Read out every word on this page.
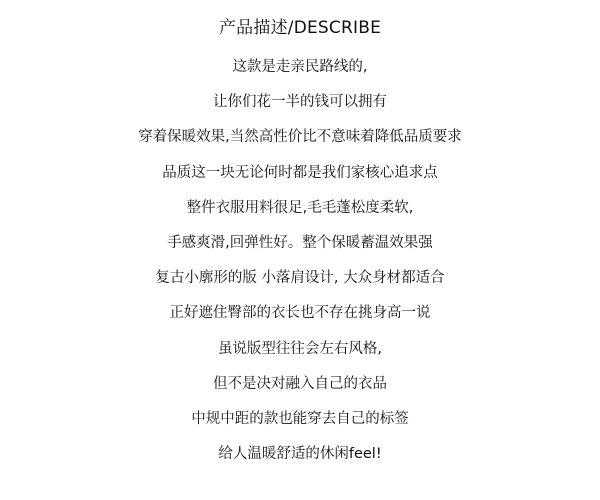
产品描述/DESCRIBE
这款是走亲民路线的,
让你们花一半的钱可以拥有
穿着保暖效果,当然高性价比不意味着降低品质要求
品质这一块无论何时都是我们家核心追求点
整件衣服用料很足,毛毛蓬松度柔软,
手感爽滑,回弹性好。整个保暖蓄温效果强
复古小廓形的版 小落肩设计, 大众身材都适合
正好遮住臀部的衣长也不存在挑身高一说
虽说版型往往会左右风格,
但不是决对融入自己的衣品
中规中距的款也能穿去自己的标签
给人温暖舒适的休闲feel!
